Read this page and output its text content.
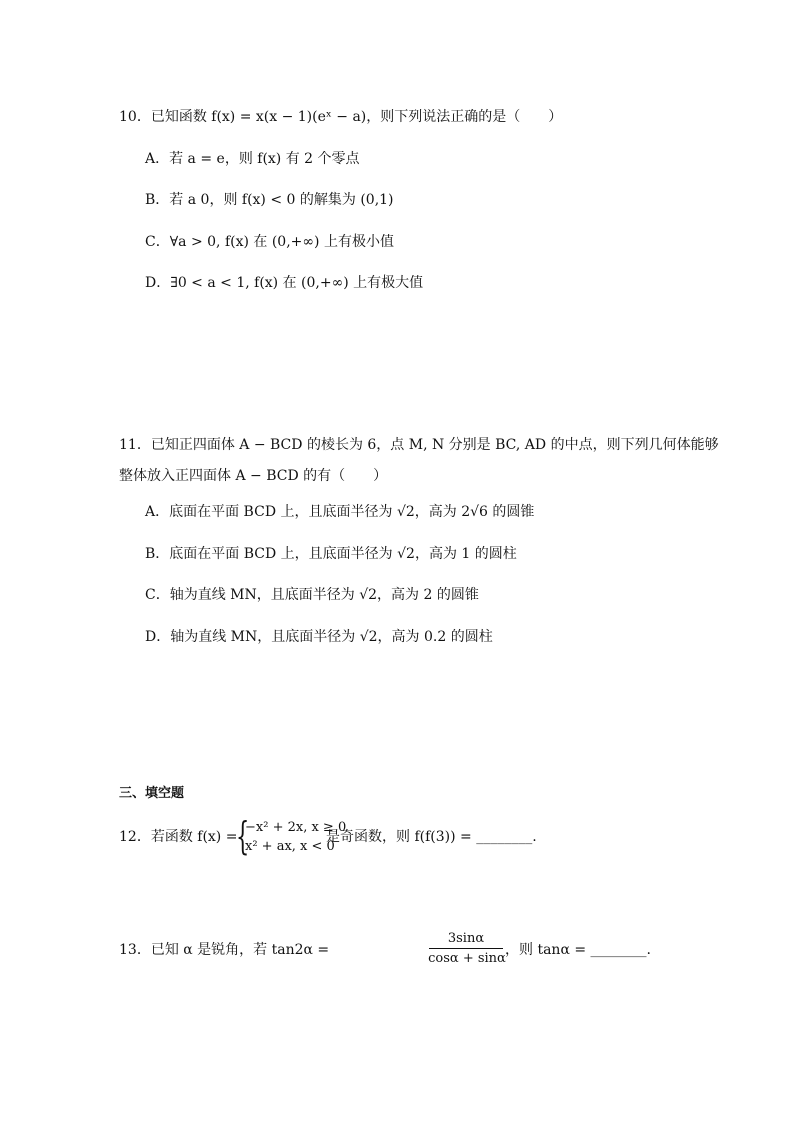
10．已知函数 f(x) = x(x − 1)(eˣ − a)，则下列说法正确的是（　　）
A．若 a = e，则 f(x) 有 2 个零点
B．若 a 0，则 f(x) < 0 的解集为 (0,1)
C．∀a > 0, f(x) 在 (0,+∞) 上有极小值
D．∃0 < a < 1, f(x) 在 (0,+∞) 上有极大值
11．已知正四面体 A − BCD 的棱长为 6，点 M, N 分别是 BC, AD 的中点，则下列几何体能够
整体放入正四面体 A − BCD 的有（　　）
A．底面在平面 BCD 上，且底面半径为 √2，高为 2√6 的圆锥
B．底面在平面 BCD 上，且底面半径为 √2，高为 1 的圆柱
C．轴为直线 MN，且底面半径为 √2，高为 2 的圆锥
D．轴为直线 MN，且底面半径为 √2，高为 0.2 的圆柱
三、填空题
12．若函数 f(x) =
{
−x² + 2x, x ≥ 0
x² + ax, x < 0
是奇函数，则 f(f(3)) = ________.
13．已知 α 是锐角，若 tan2α =
3sinα
cosα + sinα
，则 tanα = ________.
